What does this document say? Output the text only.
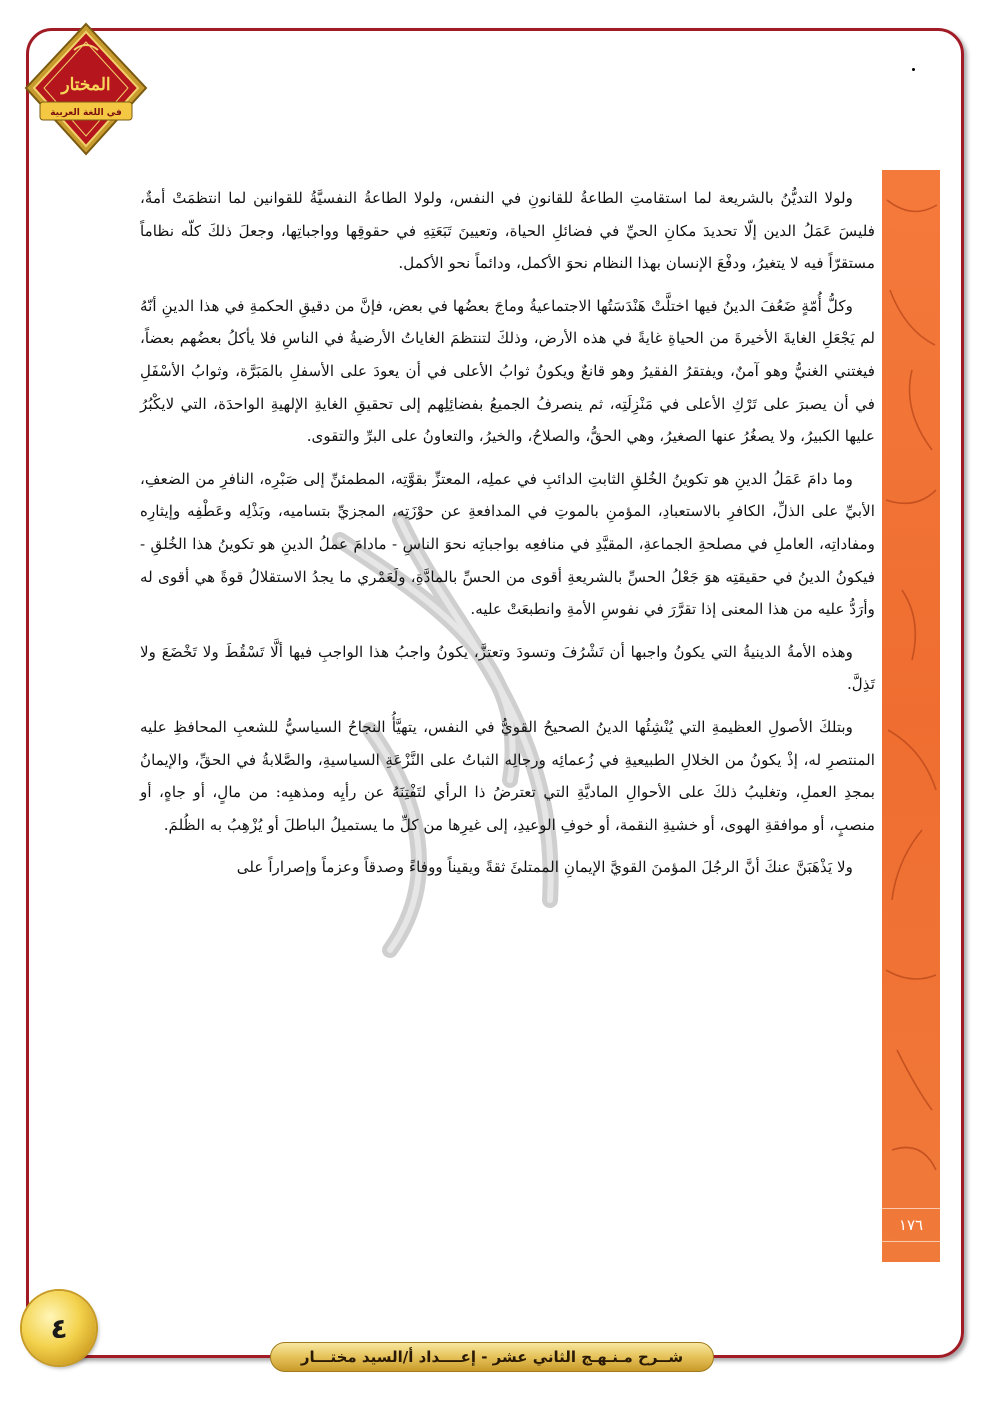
المختار
في اللغة العربية
١٧٦

ولولا التديُّنُ بالشريعة لما استقامتِ الطاعةُ للقانونِ في النفس، ولولا الطاعةُ النفسيَّةُ للقوانين لما انتظمَتْ أمةٌ، فليسَ عَمَلُ الدين إلّا تحديدَ مكانِ الحيِّ في فضائلِ الحياة، وتعيينَ تَبَعَتِهِ في حقوقِها وواجباتِها، وجعلَ ذلكَ كلّه نظاماً مستقرّاً فيه لا يتغيرُ، ودفْعَ الإنسان بهذا النظام نحوَ الأكمل، ودائماً نحو الأكمل.

وكلُّ أُمّةٍ ضَعُفَ الدينُ فيها اختلَّتْ هَنْدَسَتُها الاجتماعيةُ وماجَ بعضُها في بعض، فإنَّ من دقيقِ الحكمةِ في هذا الدينِ أنّهُ لم يَجْعَلِ الغايةَ الأخيرةَ من الحياةِ غايةً في هذه الأرض، وذلكَ لتنتظمَ الغاياتُ الأرضيةُ في الناسِ فلا يأكلُ بعضُهم بعضاً، فيغتني الغنيُّ وهو آمنٌ، ويفتقرُ الفقيرُ وهو قانعٌ ويكونُ ثوابُ الأعلى في أن يعودَ على الأسفلِ بالمَبَرَّة، وثوابُ الأسْفَلِ في أن يصبرَ على تَرْكِ الأعلى في مَنْزِلَتِه، ثم ينصرفُ الجميعُ بفضائِلِهم إلى تحقيقِ الغايةِ الإلهيةِ الواحدَة، التي لايكْبُرُ عليها الكبيرُ، ولا يصغُرُ عنها الصغيرُ، وهي الحقُّ، والصلاحُ، والخيرُ، والتعاونُ على البرِّ والتقوى.

وما دامَ عَمَلُ الدينِ هو تكوينُ الخُلقِ الثابتِ الدائبِ في عملِه، المعتزِّ بقوَّتِه، المطمئنِّ إلى صَبْرِه، النافرِ من الضعفِ، الأبيِّ على الذلِّ، الكافرِ بالاستعبادِ، المؤمنِ بالموتِ في المدافعةِ عن حوْزَتِه، المجزيِّ بتساميه، وبَذْلِه وعَطْفِه وإيثارِه ومفاداتِه، العاملِ في مصلحةِ الجماعةِ، المقيَّدِ في منافعِه بواجباتِه نحوَ الناسِ - مادامَ عملُ الدينِ هو تكوينُ هذا الخُلقِ - فيكونُ الدينُ في حقيقتِه هوَ جَعْلُ الحسِّ بالشريعةِ أقوى من الحسِّ بالمادَّةِ، ولَعَمْري ما يجدُ الاستقلالُ قوةً هي أقوى له وأرَدُّ عليه من هذا المعنى إذا تقرَّرَ في نفوسِ الأمةِ وانطبعَتْ عليه.

وهذه الأمةُ الدينيةُ التي يكونُ واجبها أن تَشْرُفَ وتسودَ وتعتزَّ، يكونُ واجبُ هذا الواجبِ فيها ألَّا تَسْقُطَ ولا تَخْضَعَ ولا تَذِلَّ.

وبتلكَ الأصولِ العظيمةِ التي يُنْشِئُها الدينُ الصحيحُ القويُّ في النفس، يتهيَّأُ النجاحُ السياسيُّ للشعبِ المحافظِ عليه المنتصرِ له، إذْ يكونُ من الخلالِ الطبيعيةِ في زُعمائِه ورجالِه الثباتُ على النَّزْعَةِ السياسيةِ، والصَّلابةُ في الحقِّ، والإيمانُ بمجدِ العملِ، وتغليبُ ذلكَ على الأحوالِ الماديَّةِ التي تعترضُ ذا الرأي لتَفْتِنَهُ عن رأيِه ومذهبِه: من مالٍ، أو جاهٍ، أو منصبٍ، أو موافقةِ الهوى، أو خشيةِ النقمة، أو خوفِ الوعيدِ، إلى غيرِها من كلِّ ما يستميلُ الباطلَ أو يُزْهِبُ به الظُلمَ.

ولا يَذْهَبَنَّ عنكَ أنَّ الرجُلَ المؤمنَ القويَّ الإيمانِ الممتلئَ ثقةً ويقيناً ووفاءً وصدقاً وعزماً وإصراراً على

٤
شــرح مـنـهـج الثاني عشر - إعــــداد أ/السيد مختـــار
